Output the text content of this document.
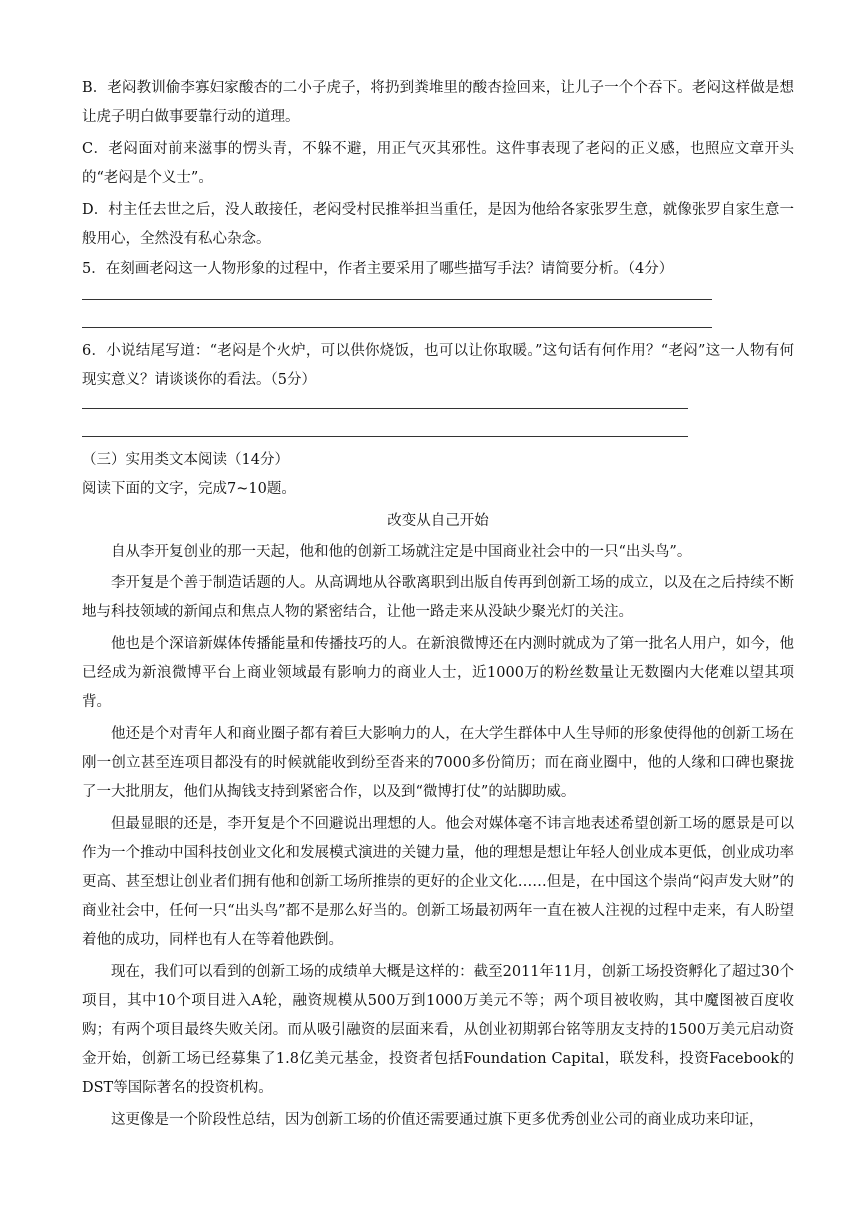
B．老闷教训偷李寡妇家酸杏的二小子虎子，将扔到粪堆里的酸杏捡回来，让儿子一个个吞下。老闷这样做是想让虎子明白做事要靠行动的道理。

C．老闷面对前来滋事的愣头青，不躲不避，用正气灭其邪性。这件事表现了老闷的正义感，也照应文章开头的“老闷是个义士”。

D．村主任去世之后，没人敢接任，老闷受村民推举担当重任，是因为他给各家张罗生意，就像张罗自家生意一般用心，全然没有私心杂念。

5．在刻画老闷这一人物形象的过程中，作者主要采用了哪些描写手法？请简要分析。（4分）

6．小说结尾写道：“老闷是个火炉，可以供你烧饭，也可以让你取暖。”这句话有何作用？“老闷”这一人物有何现实意义？请谈谈你的看法。（5分）

（三）实用类文本阅读（14分）

阅读下面的文字，完成7~10题。

改变从自己开始

自从李开复创业的那一天起，他和他的创新工场就注定是中国商业社会中的一只“出头鸟”。

李开复是个善于制造话题的人。从高调地从谷歌离职到出版自传再到创新工场的成立，以及在之后持续不断地与科技领域的新闻点和焦点人物的紧密结合，让他一路走来从没缺少聚光灯的关注。

他也是个深谙新媒体传播能量和传播技巧的人。在新浪微博还在内测时就成为了第一批名人用户，如今，他已经成为新浪微博平台上商业领域最有影响力的商业人士，近1000万的粉丝数量让无数圈内大佬难以望其项背。

他还是个对青年人和商业圈子都有着巨大影响力的人，在大学生群体中人生导师的形象使得他的创新工场在刚一创立甚至连项目都没有的时候就能收到纷至沓来的7000多份简历；而在商业圈中，他的人缘和口碑也聚拢了一大批朋友，他们从掏钱支持到紧密合作，以及到“微博打仗”的站脚助威。

但最显眼的还是，李开复是个不回避说出理想的人。他会对媒体毫不讳言地表述希望创新工场的愿景是可以作为一个推动中国科技创业文化和发展模式演进的关键力量，他的理想是想让年轻人创业成本更低，创业成功率更高、甚至想让创业者们拥有他和创新工场所推崇的更好的企业文化……但是，在中国这个崇尚“闷声发大财”的商业社会中，任何一只“出头鸟”都不是那么好当的。创新工场最初两年一直在被人注视的过程中走来，有人盼望着他的成功，同样也有人在等着他跌倒。

现在，我们可以看到的创新工场的成绩单大概是这样的：截至2011年11月，创新工场投资孵化了超过30个项目，其中10个项目进入A轮，融资规模从500万到1000万美元不等；两个项目被收购，其中魔图被百度收购；有两个项目最终失败关闭。而从吸引融资的层面来看，从创业初期郭台铭等朋友支持的1500万美元启动资金开始，创新工场已经募集了1.8亿美元基金，投资者包括Foundation Capital，联发科，投资Facebook的DST等国际著名的投资机构。

这更像是一个阶段性总结，因为创新工场的价值还需要通过旗下更多优秀创业公司的商业成功来印证，
